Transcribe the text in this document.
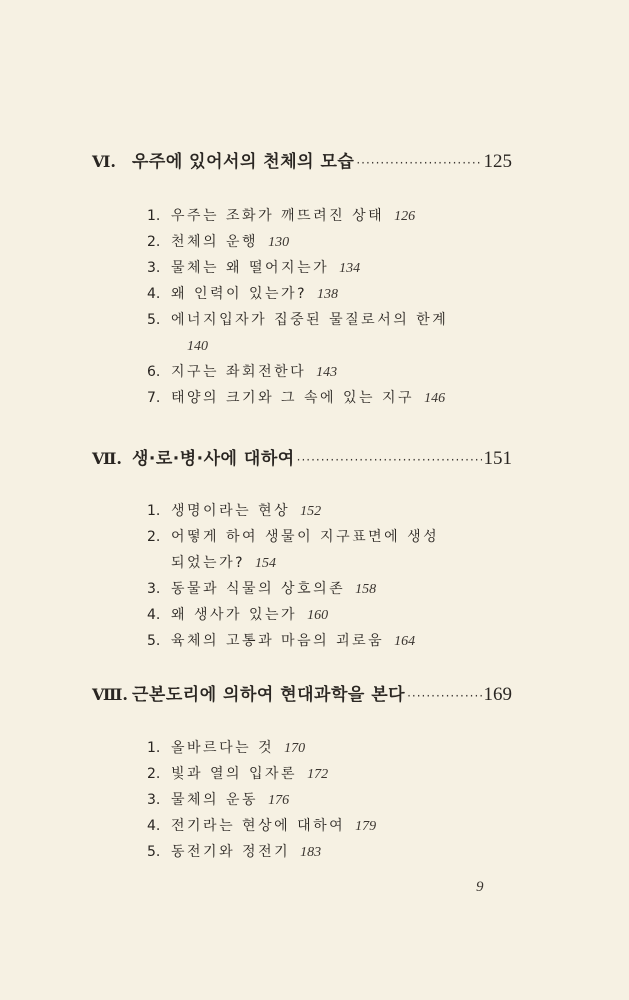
Ⅵ. 우주에 있어서의 천체의 모습 ·····	125
1. 우주는 조화가 깨뜨려진 상태 126
2. 천체의 운행 130
3. 물체는 왜 떨어지는가 134
4. 왜 인력이 있는가? 138
5. 에너지입자가 집중된 물질로서의 한계
140
6. 지구는 좌회전한다 143
7. 태양의 크기와 그 속에 있는 지구 146
Ⅶ. 생·로·병·사에 대하여 ·····	151
1. 생명이라는 현상 152
2. 어떻게 하여 생물이 지구표면에 생성
되었는가? 154
3. 동물과 식물의 상호의존 158
4. 왜 생사가 있는가 160
5. 육체의 고통과 마음의 괴로움 164
Ⅷ. 근본도리에 의하여 현대과학을 본다 ·····	169
1. 올바르다는 것 170
2. 빛과 열의 입자론 172
3. 물체의 운동 176
4. 전기라는 현상에 대하여 179
5. 동전기와 정전기 183
9
